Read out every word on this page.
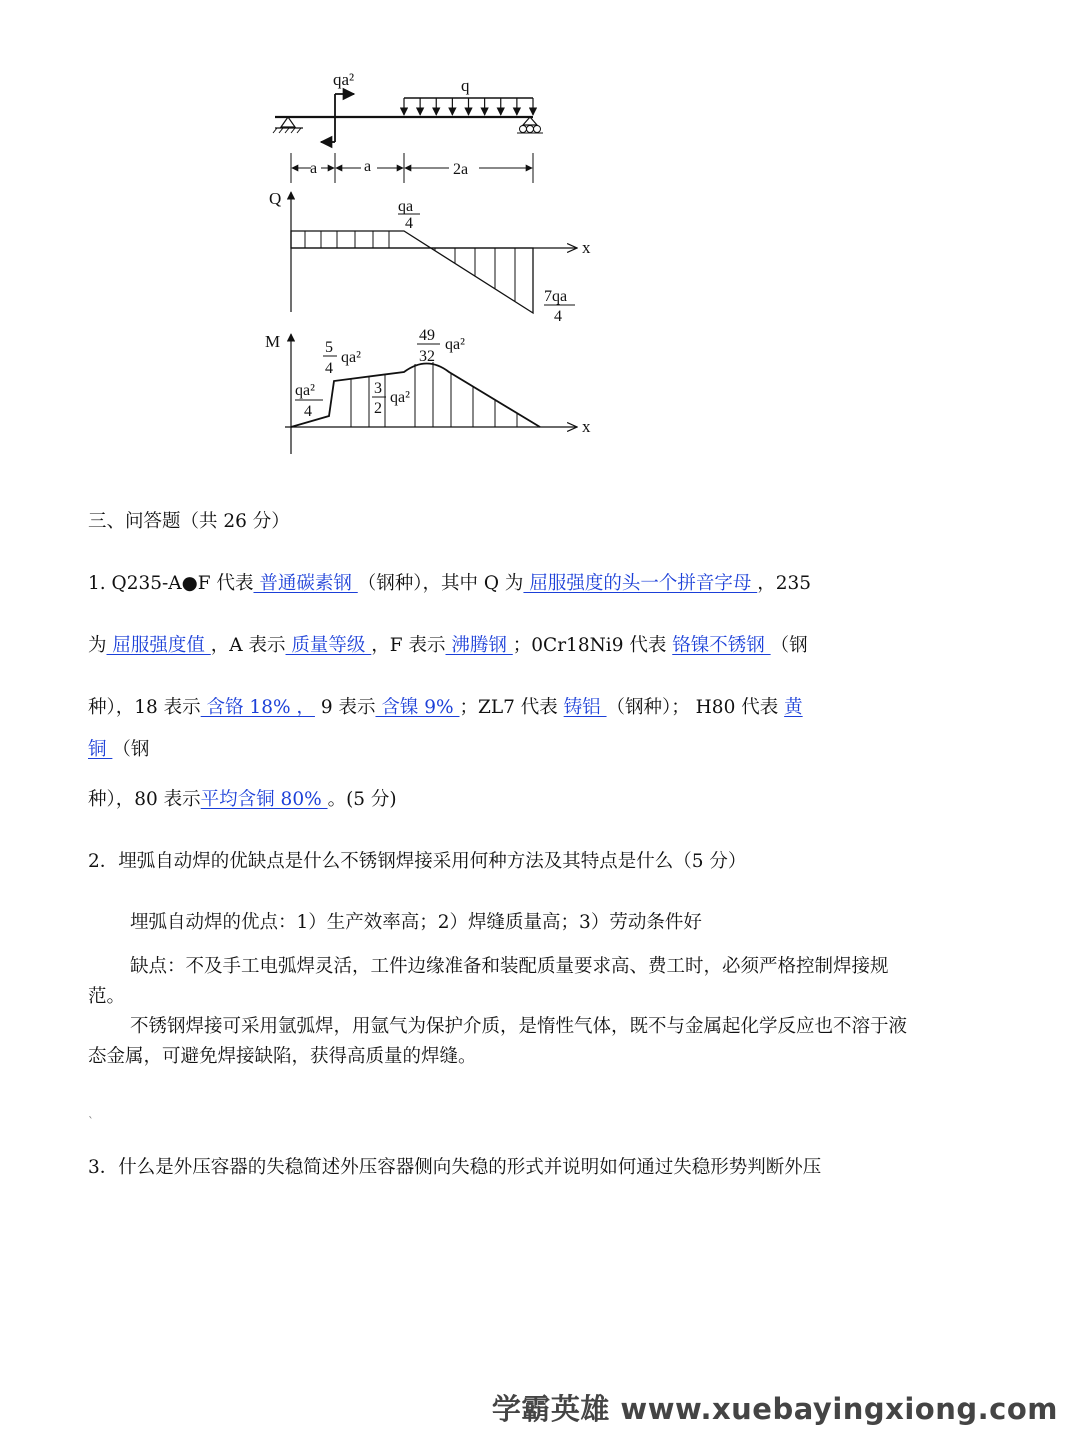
qa²	q
a	a	2a
Q
x
qa
4
7qa
4
M
x
qa²
4
5
4
qa²
3
2
qa²
49
32
qa²
三、问答题（共 26 分）
1. Q235-A●F 代表 普通碳素钢 （钢种），其中 Q 为 屈服强度的头一个拼音字母 ，235
为 屈服强度值 ，A 表示 质量等级 ，F 表示 沸腾钢 ；0Cr18Ni9 代表 铬镍不锈钢 （钢
种），18 表示 含铬 18% ， 9 表示 含镍 9% ；ZL7 代表 铸铝 （钢种）； H80 代表 黄
铜 （钢
种），80 表示平均含铜 80% 。(5 分)
2．埋弧自动焊的优缺点是什么不锈钢焊接采用何种方法及其特点是什么（5 分）
埋弧自动焊的优点：1）生产效率高；2）焊缝质量高；3）劳动条件好
缺点：不及手工电弧焊灵活，工件边缘准备和装配质量要求高、费工时，必须严格控制焊接规范。
不锈钢焊接可采用氩弧焊，用氩气为保护介质，是惰性气体，既不与金属起化学反应也不溶于液态金属，可避免焊接缺陷，获得高质量的焊缝。
`
3．什么是外压容器的失稳简述外压容器侧向失稳的形式并说明如何通过失稳形势判断外压
学霸英雄 www.xuebayingxiong.com
